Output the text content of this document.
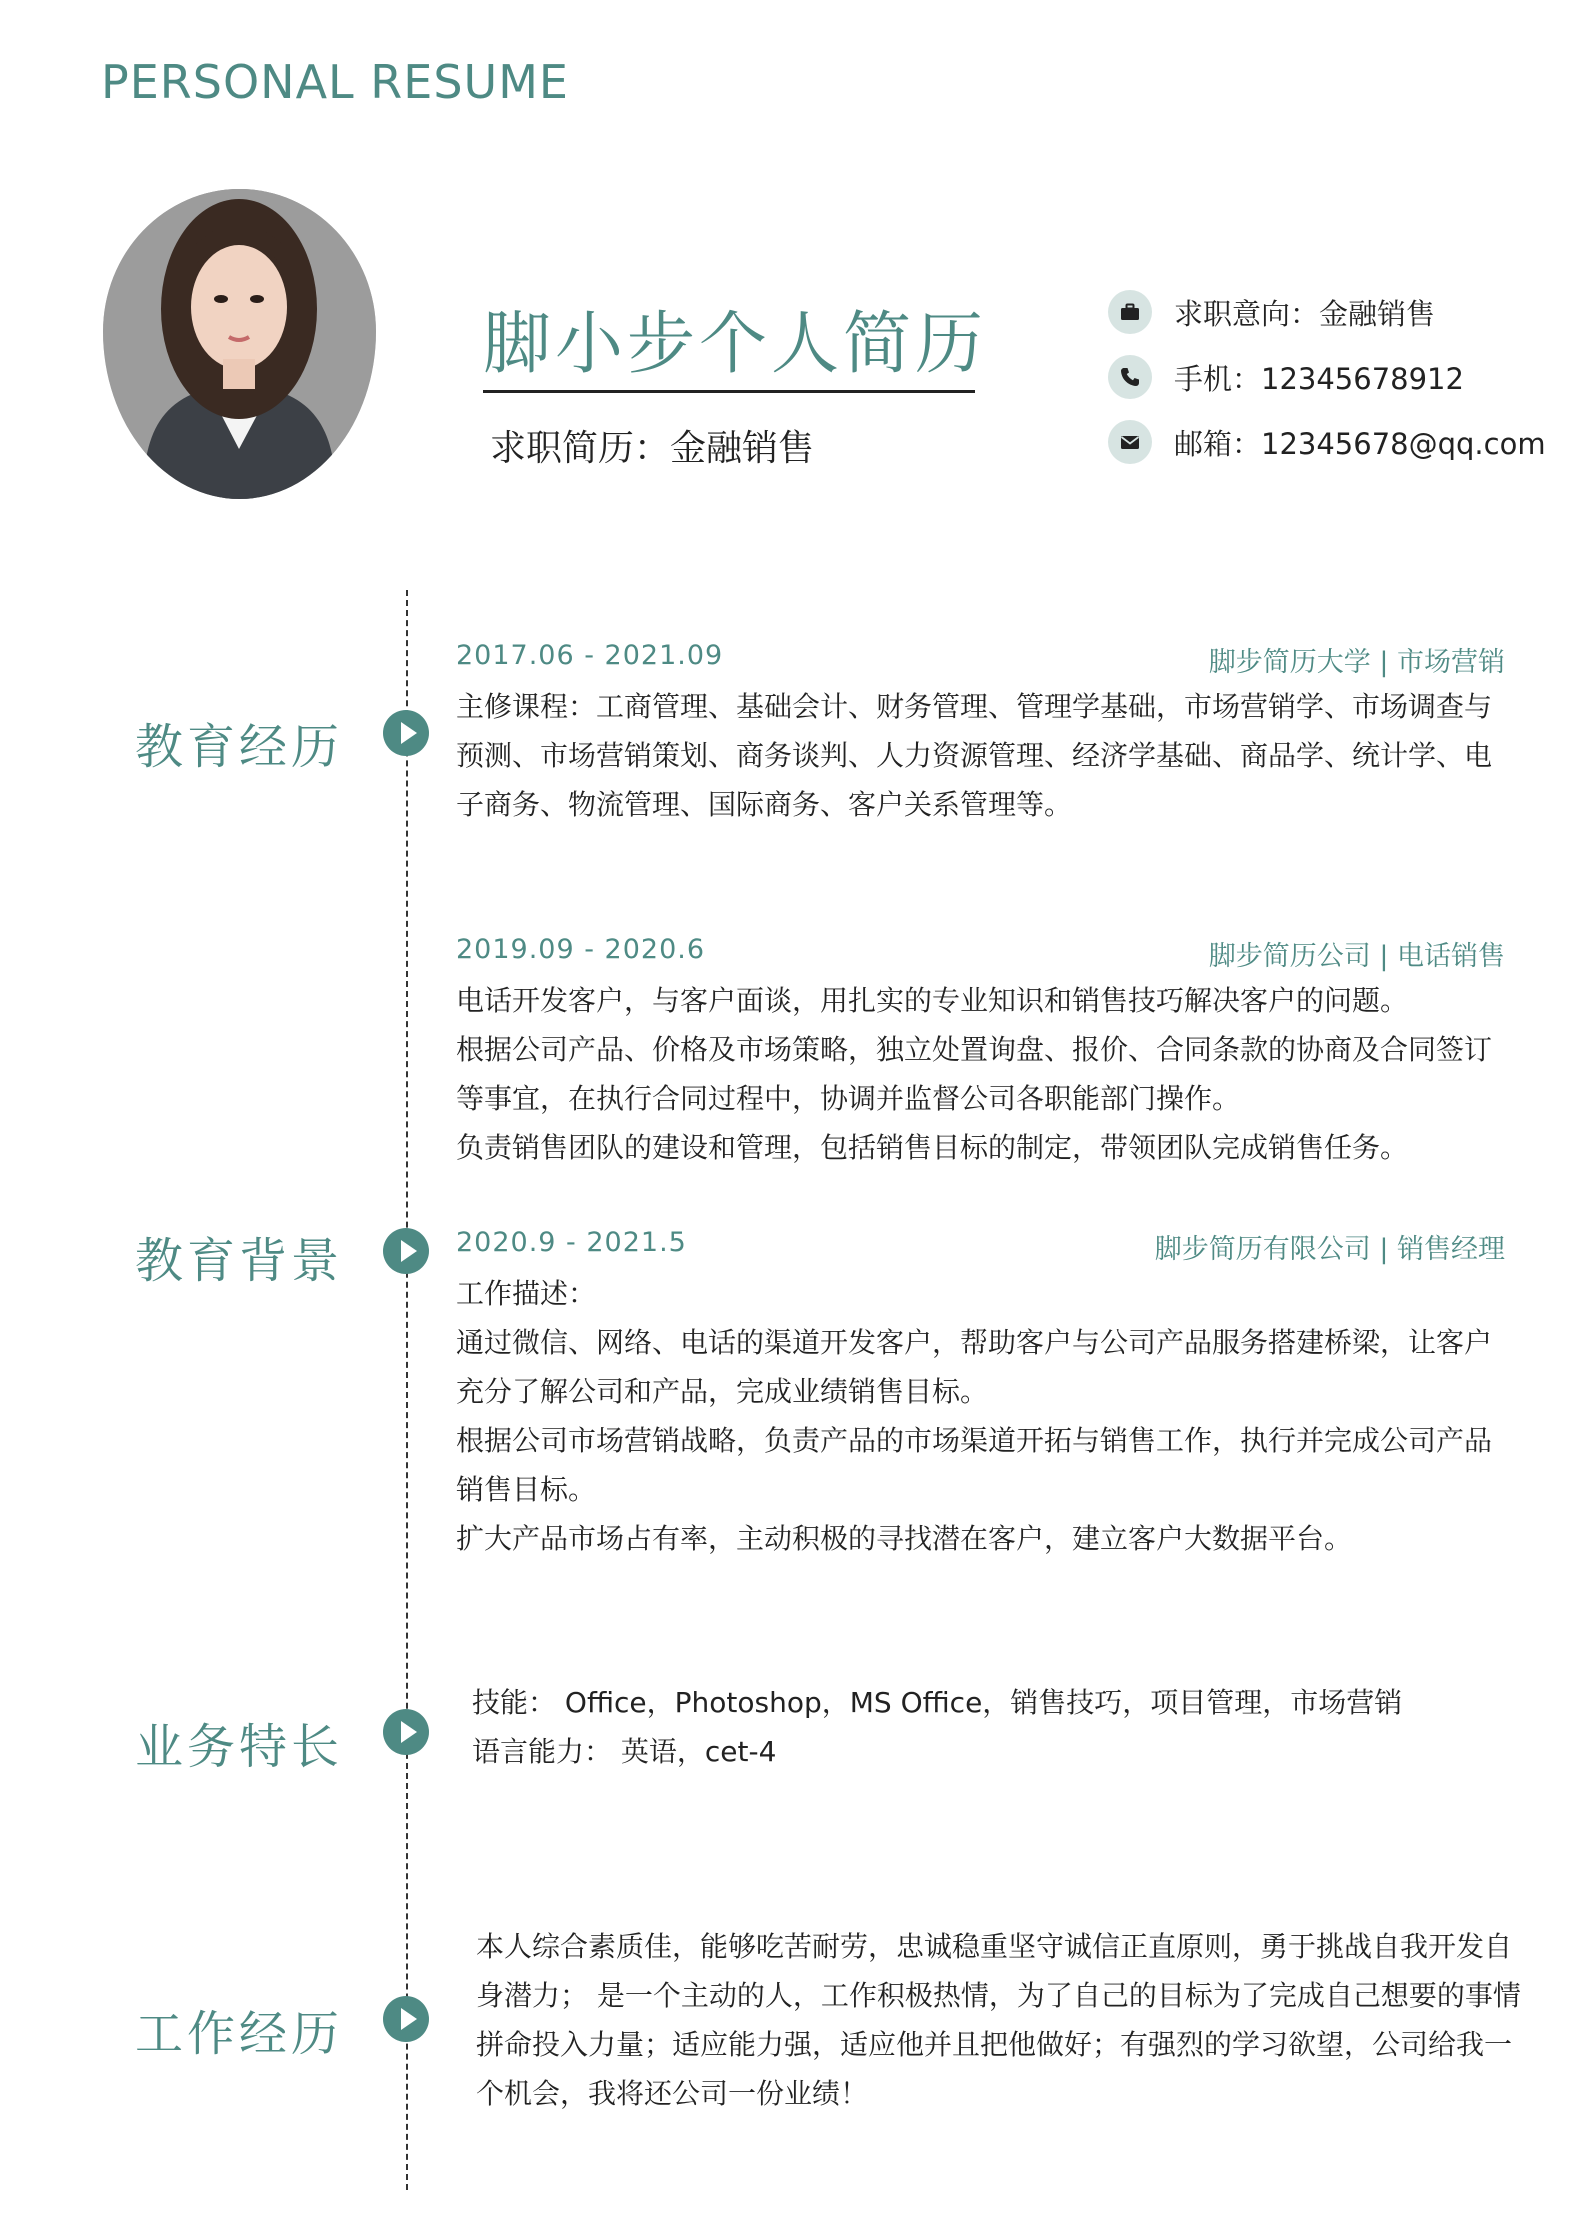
PERSONAL RESUME
脚小步个人简历
求职简历：金融销售
求职意向：金融销售
手机：12345678912
邮箱：12345678@qq.com
教育经历
教育背景
业务特长
工作经历
2017.06 - 2021.09	脚步简历大学 | 市场营销

主修课程：工商管理、基础会计、财务管理、管理学基础，市场营销学、市场调查与预测、市场营销策划、商务谈判、人力资源管理、经济学基础、商品学、统计学、电子商务、物流管理、国际商务、客户关系管理等。

2019.09 - 2020.6	脚步简历公司 | 电话销售

电话开发客户，与客户面谈，用扎实的专业知识和销售技巧解决客户的问题。

根据公司产品、价格及市场策略，独立处置询盘、报价、合同条款的协商及合同签订等事宜，在执行合同过程中，协调并监督公司各职能部门操作。

负责销售团队的建设和管理，包括销售目标的制定，带领团队完成销售任务。

2020.9 - 2021.5	脚步简历有限公司 | 销售经理

工作描述：

通过微信、网络、电话的渠道开发客户，帮助客户与公司产品服务搭建桥梁，让客户充分了解公司和产品，完成业绩销售目标。

根据公司市场营销战略，负责产品的市场渠道开拓与销售工作，执行并完成公司产品销售目标。

扩大产品市场占有率，主动积极的寻找潜在客户，建立客户大数据平台。

技能： Office，Photoshop，MS Office，销售技巧，项目管理，市场营销

语言能力： 英语，cet-4

本人综合素质佳，能够吃苦耐劳，忠诚稳重坚守诚信正直原则，勇于挑战自我开发自身潜力； 是一个主动的人，工作积极热情，为了自己的目标为了完成自己想要的事情拼命投入力量；适应能力强，适应他并且把他做好；有强烈的学习欲望，公司给我一个机会，我将还公司一份业绩！
